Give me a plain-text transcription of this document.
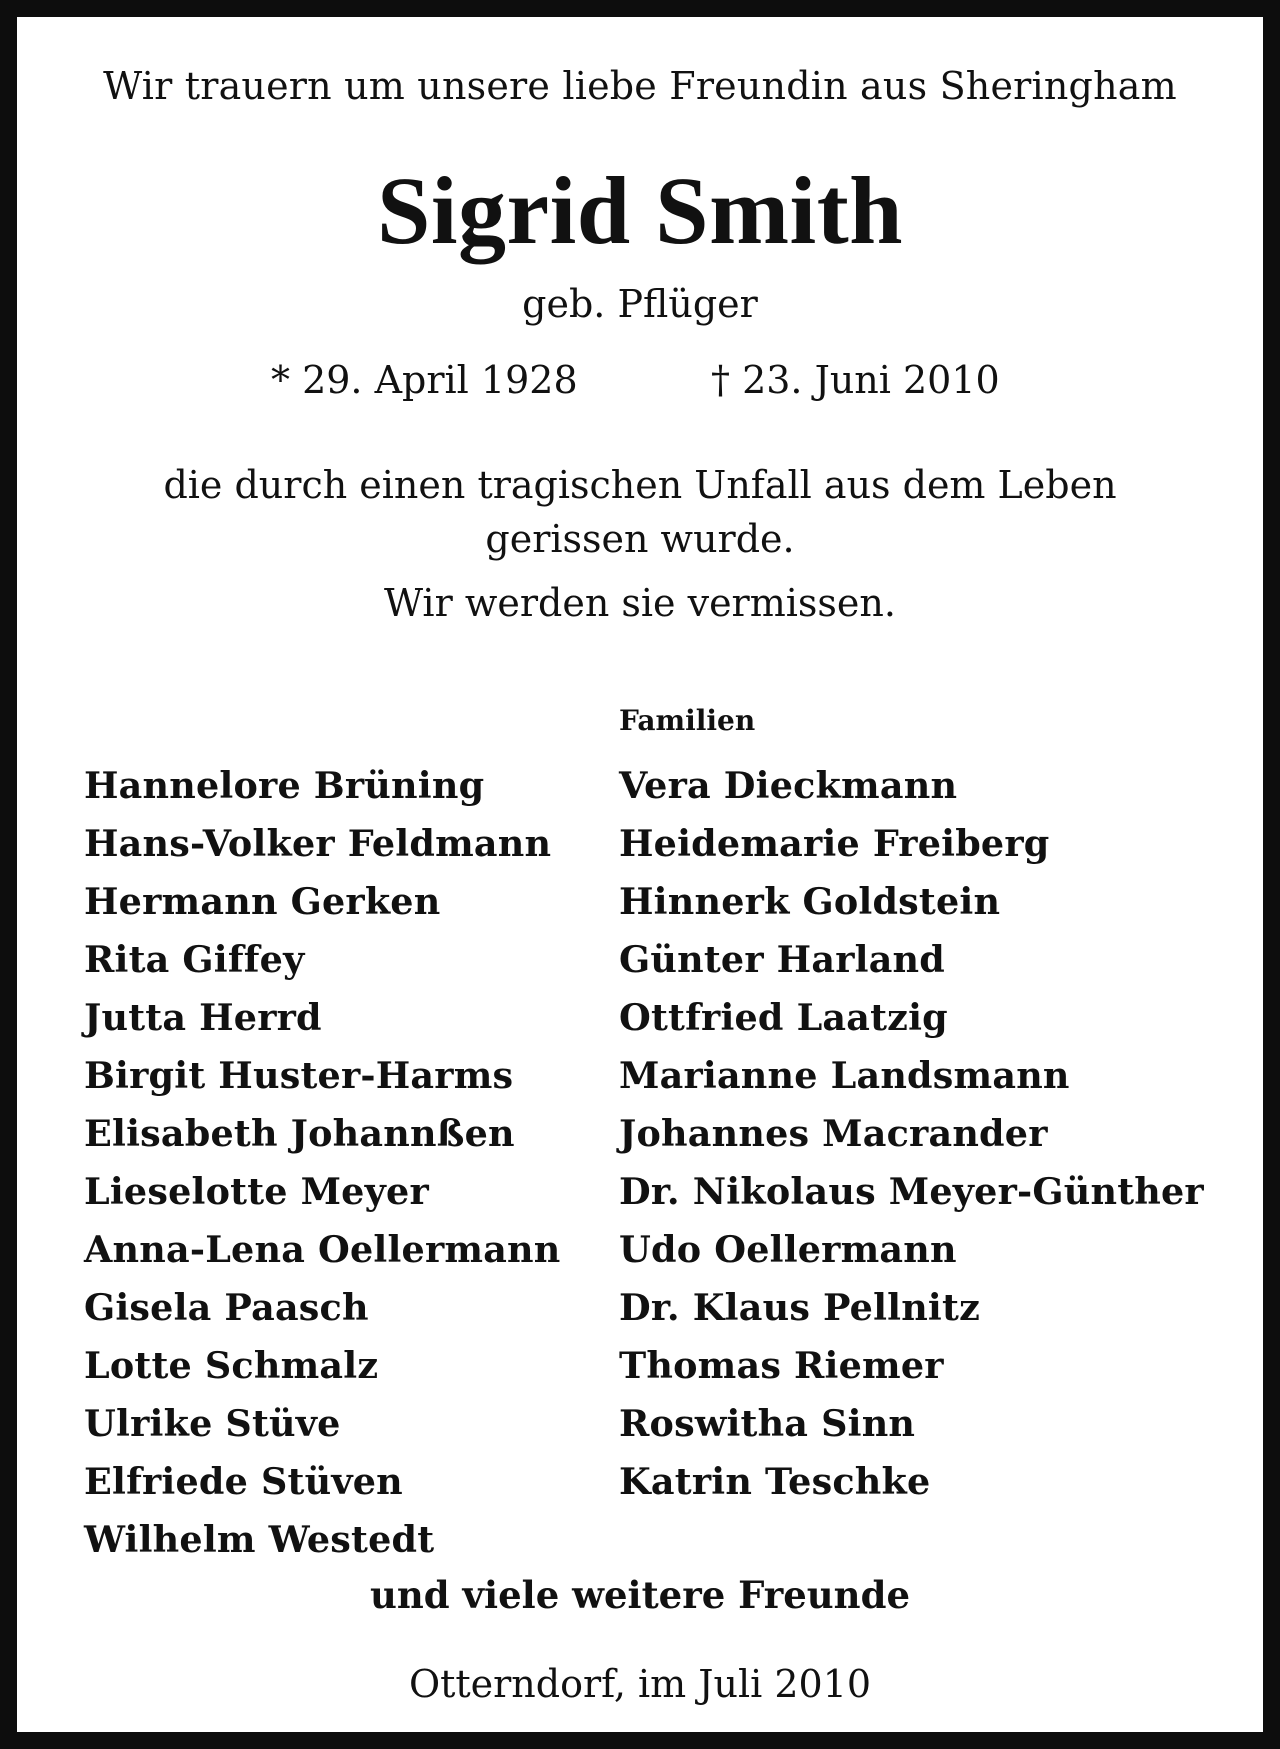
Wir trauern um unsere liebe Freundin aus Sheringham
Sigrid Smith
geb. Pflüger
* 29. April 1928	† 23. Juni 2010
die durch einen tragischen Unfall aus dem Leben
gerissen wurde.
Wir werden sie vermissen.
Familien
Hannelore Brüning
Hans-Volker Feldmann
Hermann Gerken
Rita Giffey
Jutta Herrd
Birgit Huster-Harms
Elisabeth Johannßen
Lieselotte Meyer
Anna-Lena Oellermann
Gisela Paasch
Lotte Schmalz
Ulrike Stüve
Elfriede Stüven
Wilhelm Westedt
Vera Dieckmann
Heidemarie Freiberg
Hinnerk Goldstein
Günter Harland
Ottfried Laatzig
Marianne Landsmann
Johannes Macrander
Dr. Nikolaus Meyer-Günther
Udo Oellermann
Dr. Klaus Pellnitz
Thomas Riemer
Roswitha Sinn
Katrin Teschke
und viele weitere Freunde
Otterndorf, im Juli 2010
